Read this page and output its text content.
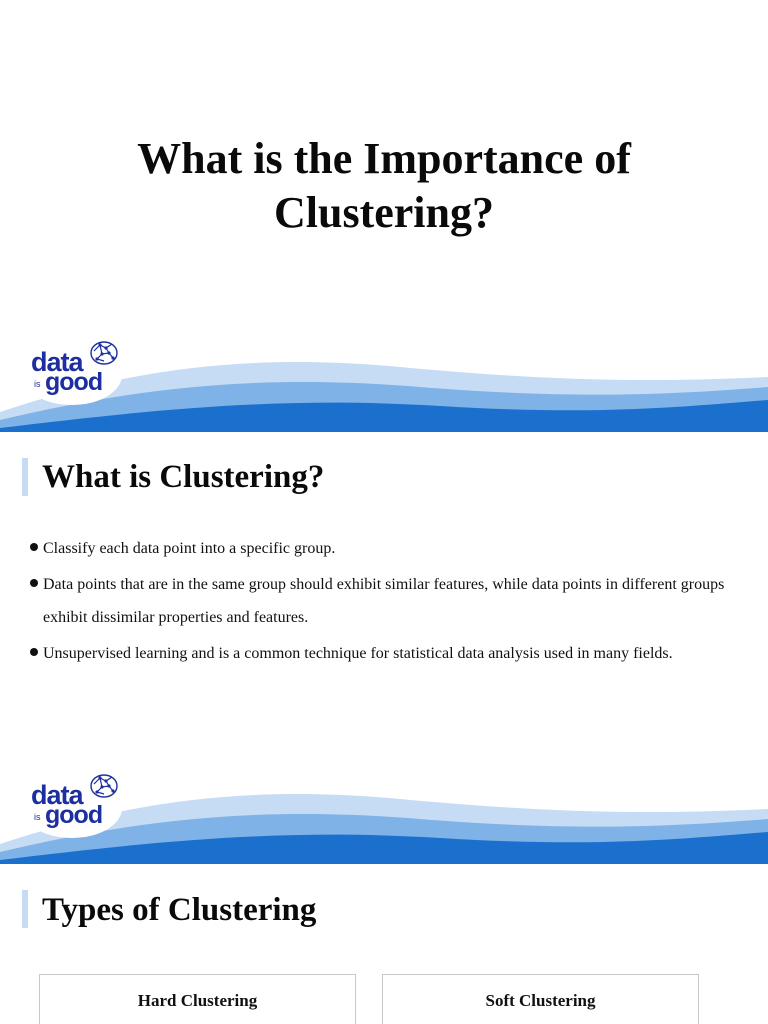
What is the Importance of
Clustering?
data
is good
What is Clustering?
Classify each data point into a specific group.
Data points that are in the same group should exhibit similar features, while data points in different groups exhibit dissimilar properties and features.
Unsupervised learning and is a common technique for statistical data analysis used in many fields.
data
is good
Types of Clustering
Hard Clustering	Soft Clustering
